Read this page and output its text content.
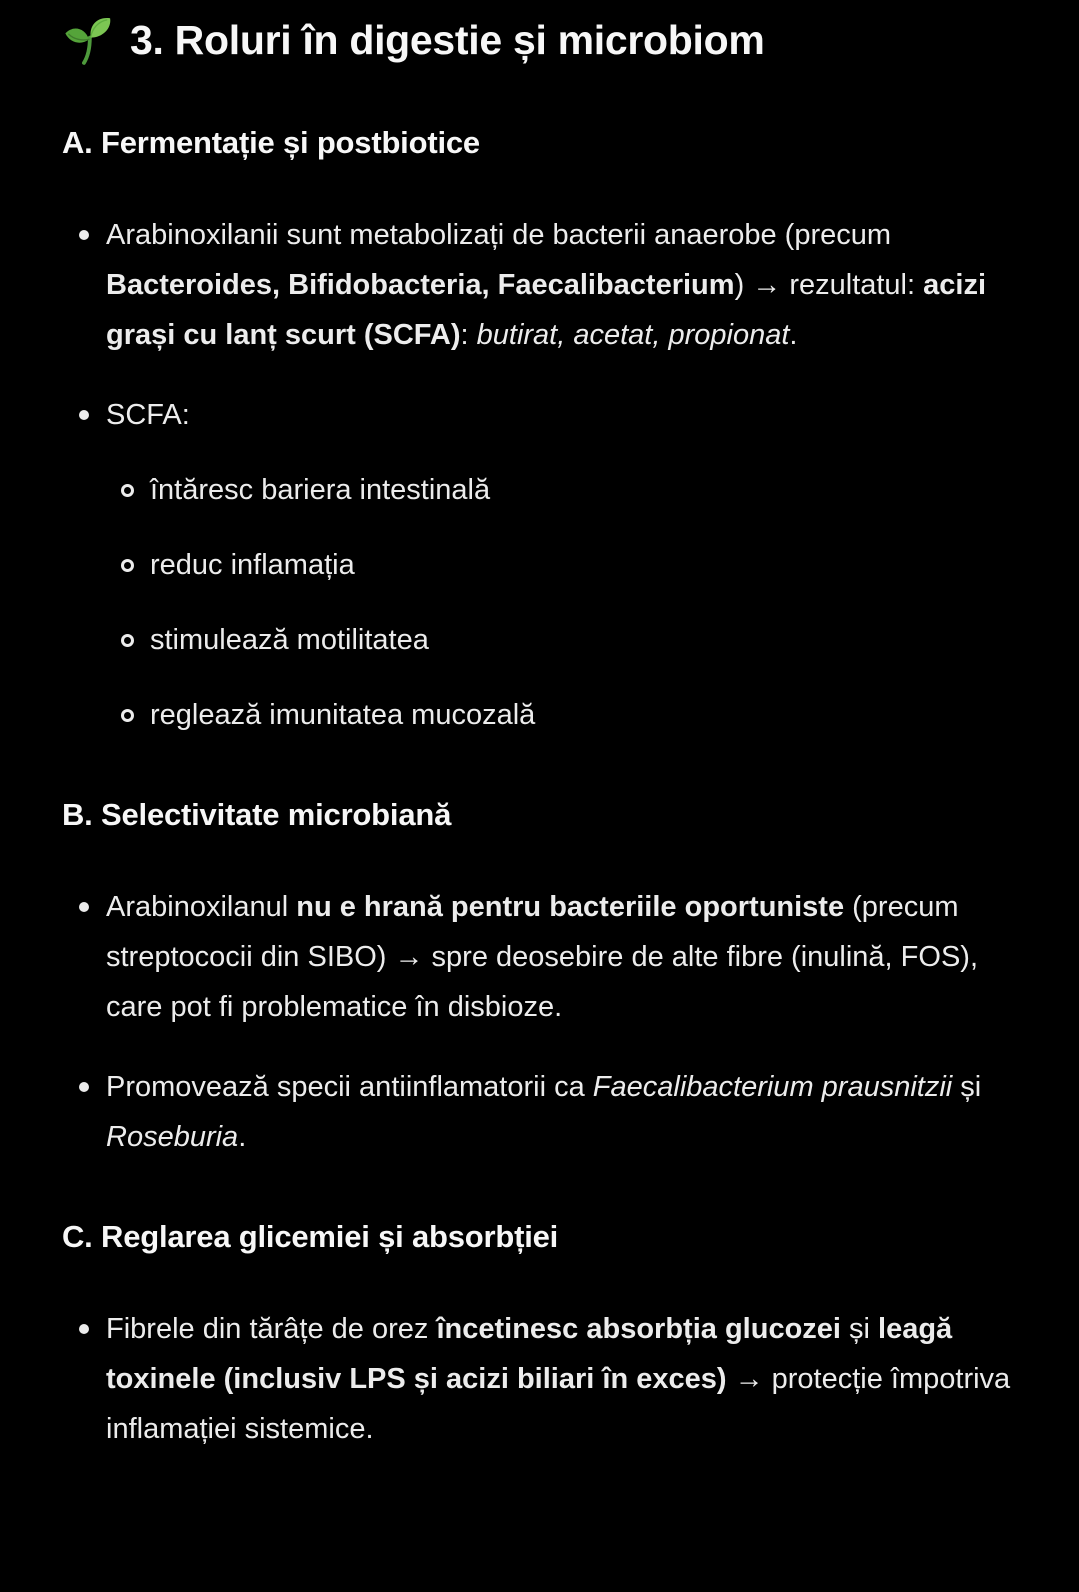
3. Roluri în digestie și microbiom
A. Fermentație și postbiotice

Arabinoxilanii sunt metabolizați de bacterii anaerobe (precum Bacteroides, Bifidobacteria, Faecalibacterium) → rezultatul: acizi grași cu lanț scurt (SCFA): butirat, acetat, propionat.

SCFA:

întăresc bariera intestinală
reduc inflamația
stimulează motilitatea
reglează imunitatea mucozală
B. Selectivitate microbiană

Arabinoxilanul nu e hrană pentru bacteriile oportuniste (precum streptococii din SIBO) → spre deosebire de alte fibre (inulină, FOS), care pot fi problematice în disbioze.

Promovează specii antiinflamatorii ca Faecalibacterium prausnitzii și Roseburia.

C. Reglarea glicemiei și absorbției

Fibrele din tărâțe de orez încetinesc absorbția glucozei și leagă toxinele (inclusiv LPS și acizi biliari în exces) → protecție împotriva inflamației sistemice.
